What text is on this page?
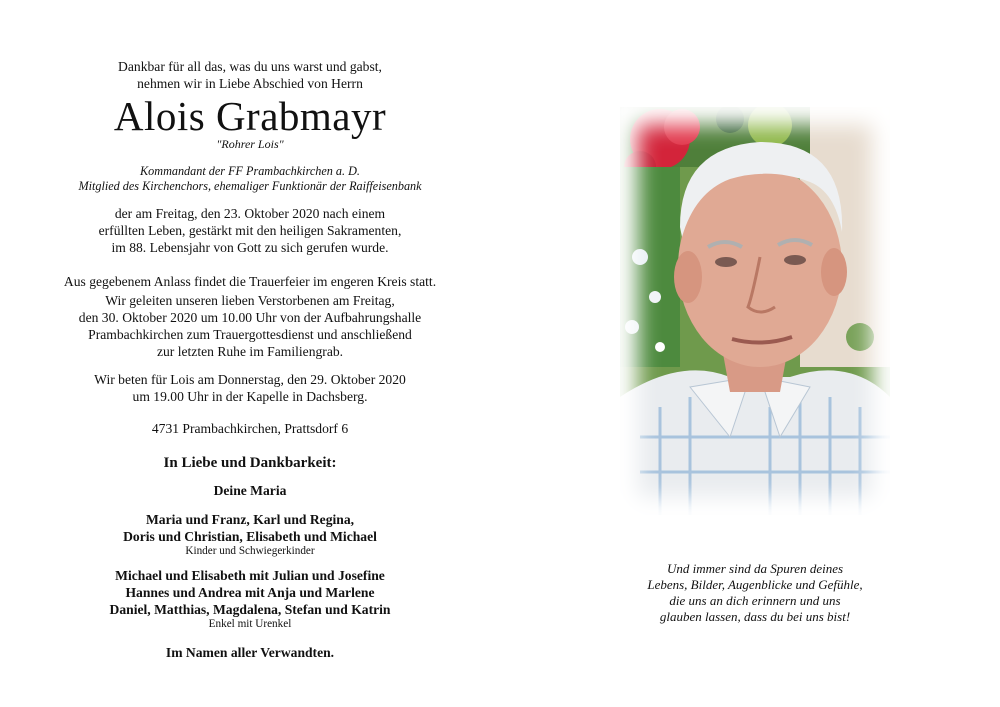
Dankbar für all das, was du uns warst und gabst,

nehmen wir in Liebe Abschied von Herrn

Alois Grabmayr

"Rohrer Lois"

Kommandant der FF Prambachkirchen a. D.
Mitglied des Kirchenchors, ehemaliger Funktionär der Raiffeisenbank
der am Freitag, den 23. Oktober 2020 nach einem
erfüllten Leben, gestärkt mit den heiligen Sakramenten,
im 88. Lebensjahr von Gott zu sich gerufen wurde.
Aus gegebenem Anlass findet die Trauerfeier im engeren Kreis statt.
Wir geleiten unseren lieben Verstorbenen am Freitag,
den 30. Oktober 2020 um 10.00 Uhr von der Aufbahrungshalle
Prambachkirchen zum Trauergottesdienst und anschließend
zur letzten Ruhe im Familiengrab.
Wir beten für Lois am Donnerstag, den 29. Oktober 2020
um 19.00 Uhr in der Kapelle in Dachsberg.
4731 Prambachkirchen, Prattsdorf 6
In Liebe und Dankbarkeit:
Deine Maria
Maria und Franz, Karl und Regina,
Doris und Christian, Elisabeth und Michael
Kinder und Schwiegerkinder
Michael und Elisabeth mit Julian und Josefine
Hannes und Andrea mit Anja und Marlene
Daniel, Matthias, Magdalena, Stefan und Katrin
Enkel mit Urenkel
Im Namen aller Verwandten.
Und immer sind da Spuren deines
Lebens, Bilder, Augenblicke und Gefühle,
die uns an dich erinnern und uns
glauben lassen, dass du bei uns bist!
